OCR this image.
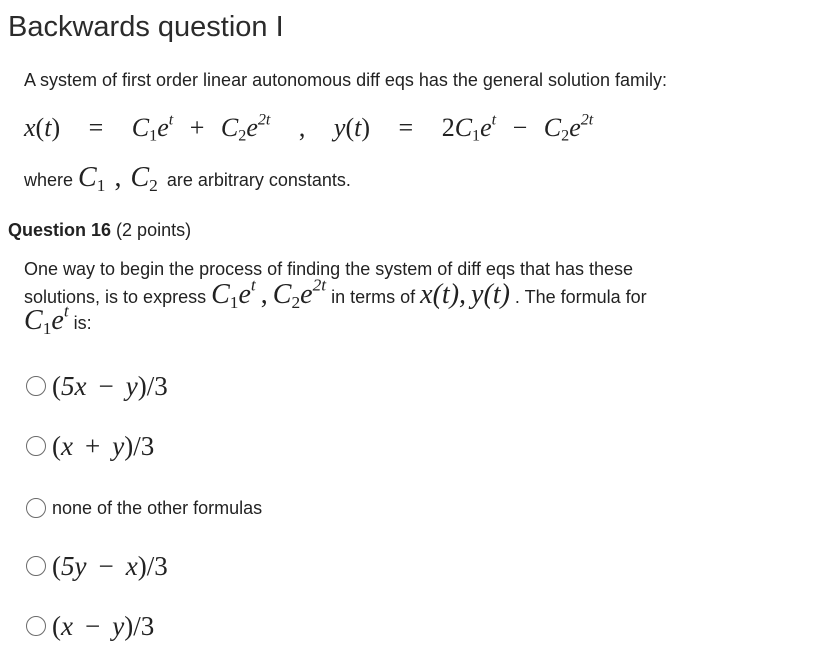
Backwards question I
A system of first order linear autonomous diff eqs has the general solution family:
$x(t) = C_1e^t + C_2e^{2t}$ , $y(t) = 2C_1e^t - C_2e^{2t}$
where $C_1$ , $C_2$ are arbitrary constants.
Question 16 (2 points)
One way to begin the process of finding the system of diff eqs that has these
solutions, is to express $C_1e^t$ , $C_2e^{2t}$ in terms of x(t), y(t) . The formula for
$C_1e^t$ is:
(5x − y)/3
(x + y)/3
none of the other formulas
(5y − x)/3
(x − y)/3
